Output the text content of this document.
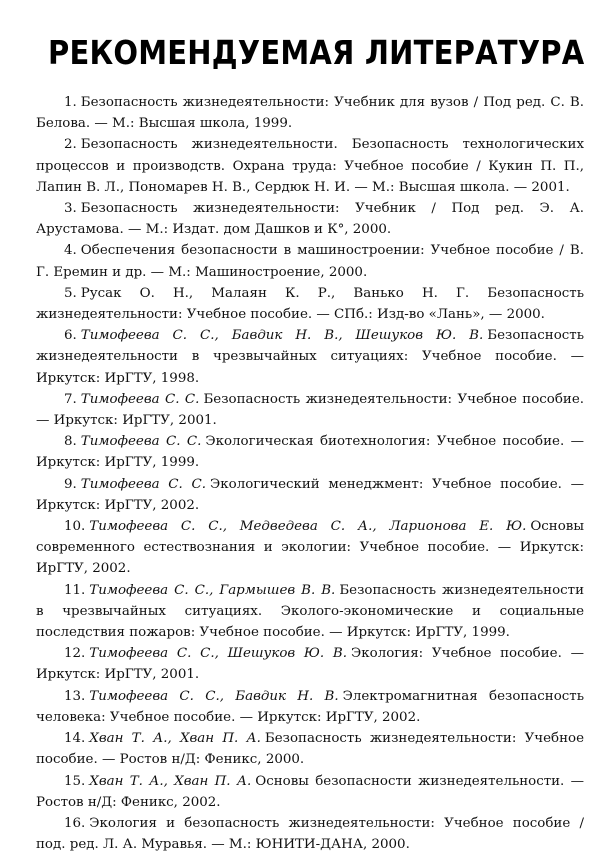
РЕКОМЕНДУЕМАЯ ЛИТЕРАТУРА
1. Безопасность жизнедеятельности: Учебник для вузов / Под ред. С. В. Белова. — М.: Высшая школа, 1999.
2. Безопасность жизнедеятельности. Безопасность технологических процессов и производств. Охрана труда: Учебное пособие / Кукин П. П., Лапин В. Л., Пономарев Н. В., Сердюк Н. И. — М.: Высшая школа. — 2001.
3. Безопасность жизнедеятельности: Учебник / Под ред. Э. А. Арустамова. — М.: Издат. дом Дашков и К°, 2000.
4. Обеспечения безопасности в машиностроении: Учебное пособие / В. Г. Еремин и др. — М.: Машиностроение, 2000.
5. Русак О. Н., Малаян К. Р., Ванько Н. Г. Безопасность жизнедеятельности: Учебное пособие. — СПб.: Изд-во «Лань», — 2000.
6. Тимофеева С. С., Бавдик Н. В., Шешуков Ю. В. Безопасность жизнедеятельности в чрезвычайных ситуациях: Учебное пособие. — Иркутск: ИрГТУ, 1998.
7. Тимофеева С. С. Безопасность жизнедеятельности: Учебное пособие. — Иркутск: ИрГТУ, 2001.
8. Тимофеева С. С. Экологическая биотехнология: Учебное пособие. — Иркутск: ИрГТУ, 1999.
9. Тимофеева С. С. Экологический менеджмент: Учебное пособие. — Иркутск: ИрГТУ, 2002.
10. Тимофеева С. С., Медведева С. А., Ларионова Е. Ю. Основы современного естествознания и экологии: Учебное пособие. — Иркутск: ИрГТУ, 2002.
11. Тимофеева С. С., Гармышев В. В. Безопасность жизнедеятельности в чрезвычайных ситуациях. Эколого-экономические и социальные последствия пожаров: Учебное пособие. — Иркутск: ИрГТУ, 1999.
12. Тимофеева С. С., Шешуков Ю. В. Экология: Учебное пособие. — Иркутск: ИрГТУ, 2001.
13. Тимофеева С. С., Бавдик Н. В. Электромагнитная безопасность человека: Учебное пособие. — Иркутск: ИрГТУ, 2002.
14. Хван Т. А., Хван П. А. Безопасность жизнедеятельности: Учебное пособие. — Ростов н/Д: Феникс, 2000.
15. Хван Т. А., Хван П. А. Основы безопасности жизнедеятельности. — Ростов н/Д: Феникс, 2002.
16. Экология и безопасность жизнедеятельности: Учебное пособие / под. ред. Л. А. Муравья. — М.: ЮНИТИ-ДАНА, 2000.
